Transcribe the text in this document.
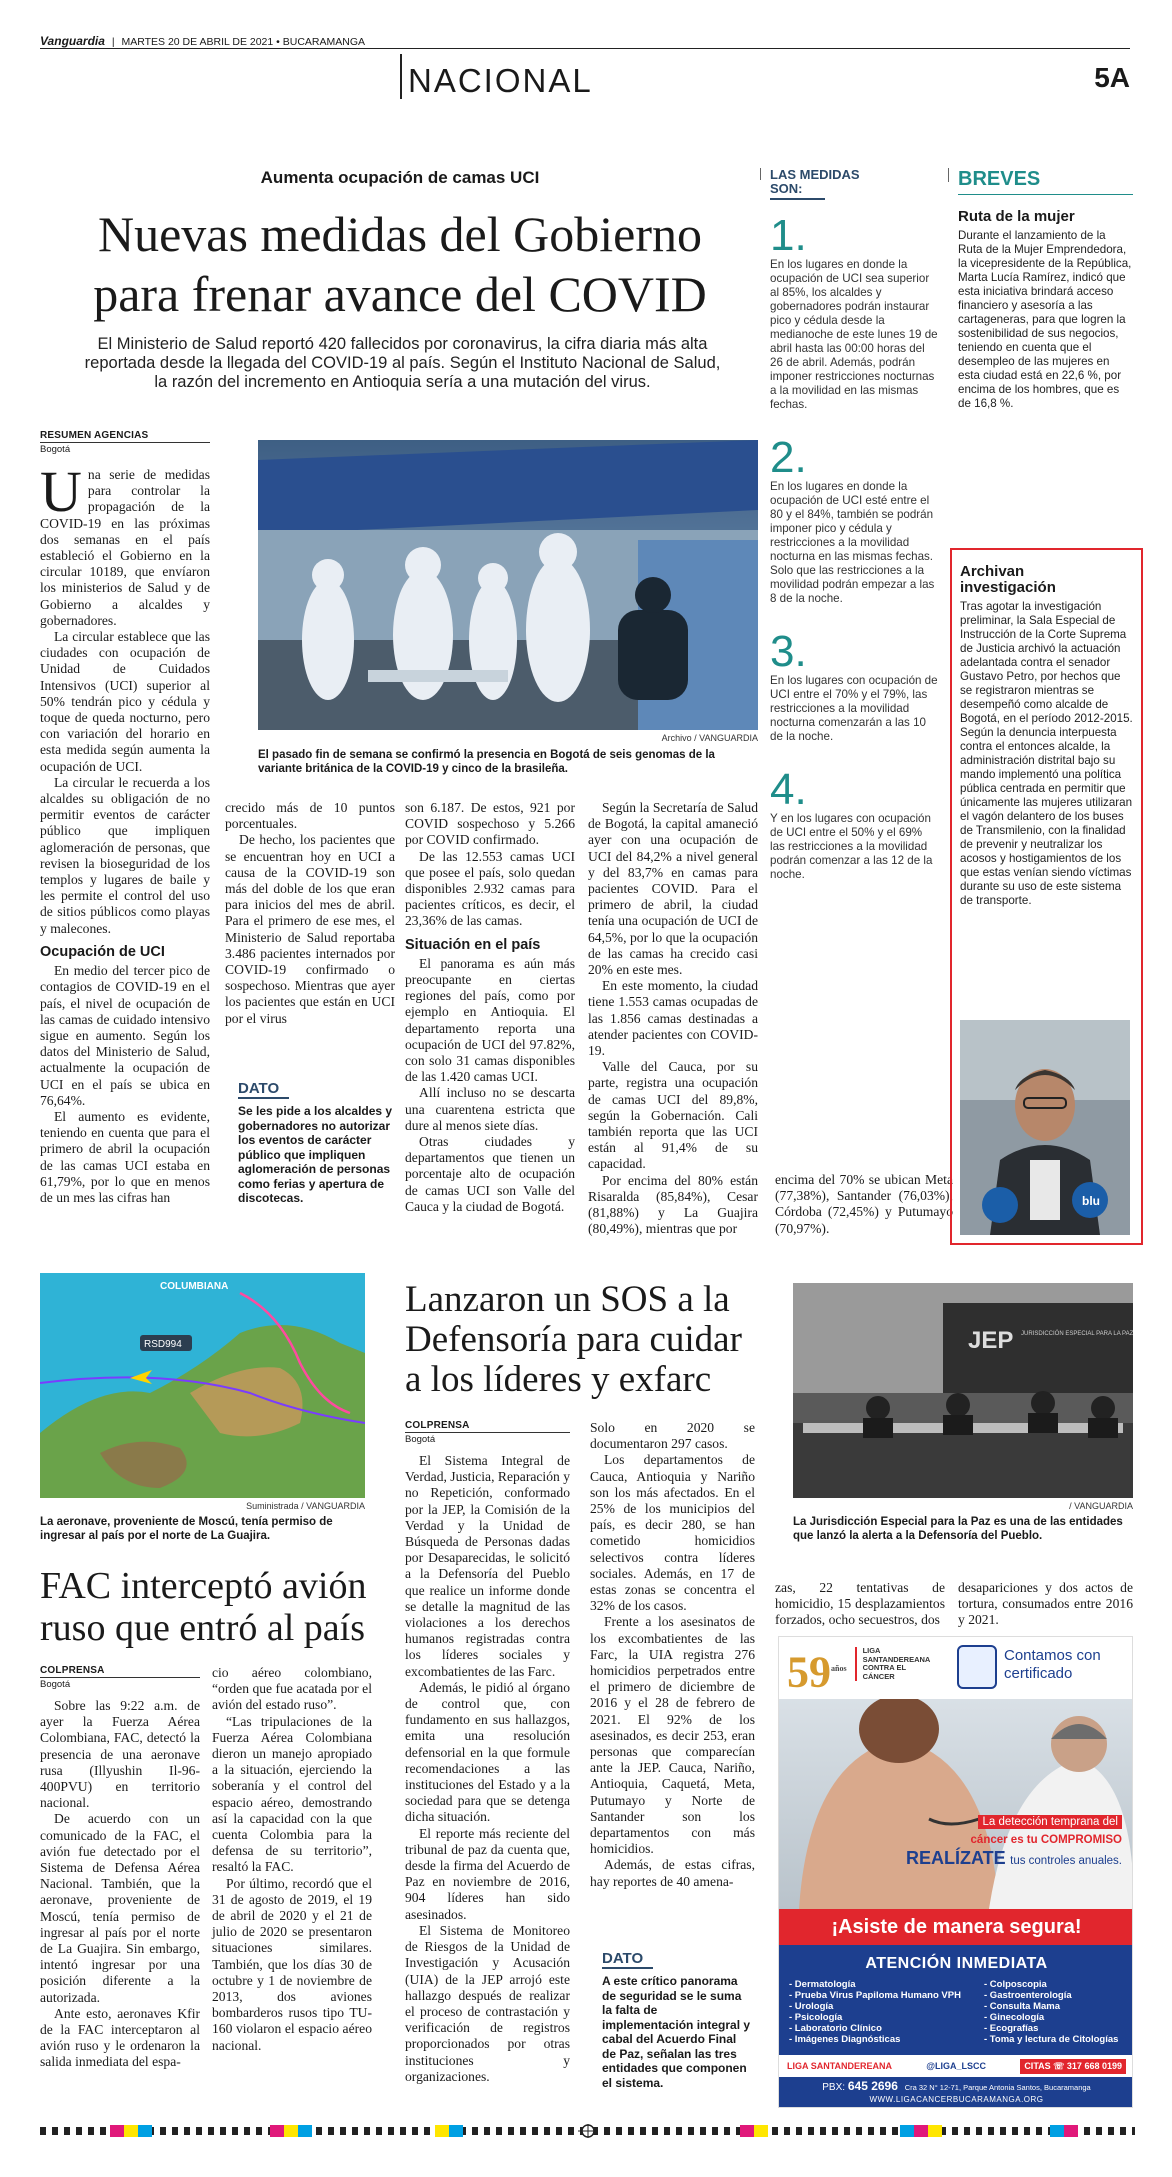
Vanguardia | MARTES 20 DE ABRIL DE 2021 • BUCARAMANGA
NACIONAL	5A
Aumenta ocupación de camas UCI
Nuevas medidas del Gobierno
para frenar avance del COVID
El Ministerio de Salud reportó 420 fallecidos por coronavirus, la cifra diaria más alta reportada desde la llegada del COVID-19 al país. Según el Instituto Nacional de Salud, la razón del incremento en Antioquia sería a una mutación del virus.
RESUMEN AGENCIAS
Bogotá

Una serie de medidas para controlar la propagación de la COVID-19 en las próximas dos semanas en el país estableció el Gobierno en la circular 10189, que envíaron los ministerios de Salud y de Gobierno a alcaldes y gobernadores.

La circular establece que las ciudades con ocupación de Unidad de Cuidados Intensivos (UCI) superior al 50% tendrán pico y cédula y toque de queda nocturno, pero con variación del horario en esta medida según aumenta la ocupación de UCI.

La circular le recuerda a los alcaldes su obligación de no permitir eventos de carácter público que impliquen aglomeración de personas, que revisen la bioseguridad de los templos y lugares de baile y les permite el control del uso de sitios públicos como playas y malecones.

Ocupación de UCI

En medio del tercer pico de contagios de COVID-19 en el país, el nivel de ocupación de las camas de cuidado intensivo sigue en aumento. Según los datos del Ministerio de Salud, actualmente la ocupación de UCI en el país se ubica en 76,64%.

El aumento es evidente, teniendo en cuenta que para el primero de abril la ocupación de las camas UCI estaba en 61,79%, por lo que en menos de un mes las cifras han

Archivo / VANGUARDIA
El pasado fin de semana se confirmó la presencia en Bogotá de seis genomas de la variante británica de la COVID-19 y cinco de la brasileña.

crecido más de 10 puntos porcentuales.

De hecho, los pacientes que se encuentran hoy en UCI a causa de la COVID-19 son más del doble de los que eran para inicios del mes de abril. Para el primero de ese mes, el Ministerio de Salud reportaba 3.486 pacientes internados por COVID-19 confirmado o sospechoso. Mientras que ayer los pacientes que están en UCI por el virus

DATO
Se les pide a los alcaldes y gobernadores no autorizar los eventos de carácter público que impliquen aglomeración de personas como ferias y apertura de discotecas.

son 6.187. De estos, 921 por COVID sospechoso y 5.266 por COVID confirmado.

De las 12.553 camas UCI que posee el país, solo quedan disponibles 2.932 camas para pacientes críticos, es decir, el 23,36% de las camas.

Situación en el país

El panorama es aún más preocupante en ciertas regiones del país, como por ejemplo en Antioquia. El departamento reporta una ocupación de UCI del 97.82%, con solo 31 camas disponibles de las 1.420 camas UCI.

Allí incluso no se descarta una cuarentena estricta que dure al menos siete días.

Otras ciudades y departamentos que tienen un porcentaje alto de ocupación de camas UCI son Valle del Cauca y la ciudad de Bogotá.

Según la Secretaría de Salud de Bogotá, la capital amaneció ayer con una ocupación de UCI del 84,2% a nivel general y del 83,7% en camas para pacientes COVID. Para el primero de abril, la ciudad tenía una ocupación de UCI de 64,5%, por lo que la ocupación de las camas ha crecido casi 20% en este mes.

En este momento, la ciudad tiene 1.553 camas ocupadas de las 1.856 camas destinadas a atender pacientes con COVID-19.

Valle del Cauca, por su parte, registra una ocupación de camas UCI del 89,8%, según la Gobernación. Cali también reporta que las UCI están al 91,4% de su capacidad.

Por encima del 80% están Risaralda (85,84%), Cesar (81,88%) y La Guajira (80,49%), mientras que por

LAS MEDIDAS
SON:
1.
En los lugares en donde la ocupación de UCI sea superior al 85%, los alcaldes y gobernadores podrán instaurar pico y cédula desde la medianoche de este lunes 19 de abril hasta las 00:00 horas del 26 de abril. Además, podrán imponer restricciones nocturnas a la movilidad en las mismas fechas.
2.
En los lugares en donde la ocupación de UCI esté entre el 80 y el 84%, también se podrán imponer pico y cédula y restricciones a la movilidad nocturna en las mismas fechas. Solo que las restricciones a la movilidad podrán empezar a las 8 de la noche.
3.
En los lugares con ocupación de UCI entre el 70% y el 79%, las restricciones a la movilidad nocturna comenzarán a las 10 de la noche.
4.
Y en los lugares con ocupación de UCI entre el 50% y el 69% las restricciones a la movilidad podrán comenzar a las 12 de la noche.
encima del 70% se ubican Meta (77,38%), Santander (76,03%), Córdoba (72,45%) y Putumayo (70,97%).
BREVES
Ruta de la mujer
Durante el lanzamiento de la Ruta de la Mujer Emprendedora, la vicepresidente de la República, Marta Lucía Ramírez, indicó que esta iniciativa brindará acceso financiero y asesoría a las cartageneras, para que logren la sostenibilidad de sus negocios, teniendo en cuenta que el desempleo de las mujeres en esta ciudad está en 22,6 %, por encima de los hombres, que es de 16,8 %.
Archivan
investigación
Tras agotar la investigación preliminar, la Sala Especial de Instrucción de la Corte Suprema de Justicia archivó la actuación adelantada contra el senador Gustavo Petro, por hechos que se registraron mientras se desempeñó como alcalde de Bogotá, en el período 2012-2015. Según la denuncia interpuesta contra el entonces alcalde, la administración distrital bajo su mando implementó una política pública centrada en permitir que únicamente las mujeres utilizaran el vagón delantero de los buses de Transmilenio, con la finalidad de prevenir y neutralizar los acosos y hostigamientos de los que estas venían siendo víctimas durante su uso de este sistema de transporte.
blu
RSD994
COLUMBIANA
Suministrada / VANGUARDIA
La aeronave, proveniente de Moscú, tenía permiso de ingresar al país por el norte de La Guajira.
FAC interceptó avión
ruso que entró al país
COLPRENSA
Bogotá

Sobre las 9:22 a.m. de ayer la Fuerza Aérea Colombiana, FAC, detectó la presencia de una aeronave rusa (Illyushin Il-96-400PVU) en territorio nacional.

De acuerdo con un comunicado de la FAC, el avión fue detectado por el Sistema de Defensa Aérea Nacional. También, que la aeronave, proveniente de Moscú, tenía permiso de ingresar al país por el norte de La Guajira. Sin embargo, intentó ingresar por una posición diferente a la autorizada.

Ante esto, aeronaves Kfir de la FAC interceptaron al avión ruso y le ordenaron la salida inmediata del espa-

cio aéreo colombiano, “orden que fue acatada por el avión del estado ruso”.

“Las tripulaciones de la Fuerza Aérea Colombiana dieron un manejo apropiado a la situación, ejerciendo la soberanía y el control del espacio aéreo, demostrando así la capacidad con la que cuenta Colombia para la defensa de su territorio”, resaltó la FAC.

Por último, recordó que el 31 de agosto de 2019, el 19 de abril de 2020 y el 21 de julio de 2020 se presentaron situaciones similares. También, que los días 30 de octubre y 1 de noviembre de 2013, dos aviones bombarderos rusos tipo TU-160 violaron el espacio aéreo nacional.

Lanzaron un SOS a la
Defensoría para cuidar
a los líderes y exfarc
COLPRENSA
Bogotá

El Sistema Integral de Verdad, Justicia, Reparación y no Repetición, conformado por la JEP, la Comisión de la Verdad y la Unidad de Búsqueda de Personas dadas por Desaparecidas, le solicitó a la Defensoría del Pueblo que realice un informe donde se detalle la magnitud de las violaciones a los derechos humanos registradas contra los líderes sociales y excombatientes de las Farc.

Además, le pidió al órgano de control que, con fundamento en sus hallazgos, emita una resolución defensorial en la que formule recomendaciones a las instituciones del Estado y a la sociedad para que se detenga dicha situación.

El reporte más reciente del tribunal de paz da cuenta que, desde la firma del Acuerdo de Paz en noviembre de 2016, 904 líderes han sido asesinados.

El Sistema de Monitoreo de Riesgos de la Unidad de Investigación y Acusación (UIA) de la JEP arrojó este hallazgo después de realizar el proceso de contrastación y verificación de registros proporcionados por otras instituciones y organizaciones.

Solo en 2020 se documentaron 297 casos.

Los departamentos de Cauca, Antioquia y Nariño son los más afectados. En el 25% de los municipios del país, es decir 280, se han cometido homicidios selectivos contra líderes sociales. Además, en 17 de estas zonas se concentra el 32% de los casos.

Frente a los asesinatos de los excombatientes de las Farc, la UIA registra 276 homicidios perpetrados entre el primero de diciembre de 2016 y el 28 de febrero de 2021. El 92% de los asesinados, es decir 253, eran personas que comparecían ante la JEP. Cauca, Nariño, Antioquia, Caquetá, Meta, Putumayo y Norte de Santander son los departamentos con más homicidios.

Además, de estas cifras, hay reportes de 40 amena-

DATO
A este crítico panorama de seguridad se le suma la falta de implementación integral y cabal del Acuerdo Final de Paz, señalan las tres entidades que componen el sistema.
JEP JURISDICCIÓN ESPECIAL PARA LA PAZ
/ VANGUARDIA
La Jurisdicción Especial para la Paz es una de las entidades que lanzó la alerta a la Defensoría del Pueblo.
zas, 22 tentativas de homicidio, 15 desplazamientos forzados, ocho secuestros, dos
desapariciones y dos actos de tortura, consumados entre 2016 y 2021.
$59^{años}$
LIGA
SANTANDEREANA
CONTRA EL
CÁNCER
Contamos con
certificado
La detección temprana del
cáncer es tu COMPROMISO
REALÍZATE tus controles anuales.
¡Asiste de manera segura!
ATENCIÓN INMEDIATA
- Dermatología
- Prueba Virus Papiloma Humano VPH
- Urología
- Psicología
- Laboratorio Clínico
- Imágenes Diagnósticas
- Colposcopia
- Gastroenterología
- Consulta Mama
- Ginecología
- Ecografías
- Toma y lectura de Citologías
LIGA SANTANDEREANA	@LIGA_LSCC	CITAS ☏ 317 668 0199
PBX: 645 2696 Cra 32 N° 12-71, Parque Antonia Santos, Bucaramanga
WWW.LIGACANCERBUCARAMANGA.ORG
